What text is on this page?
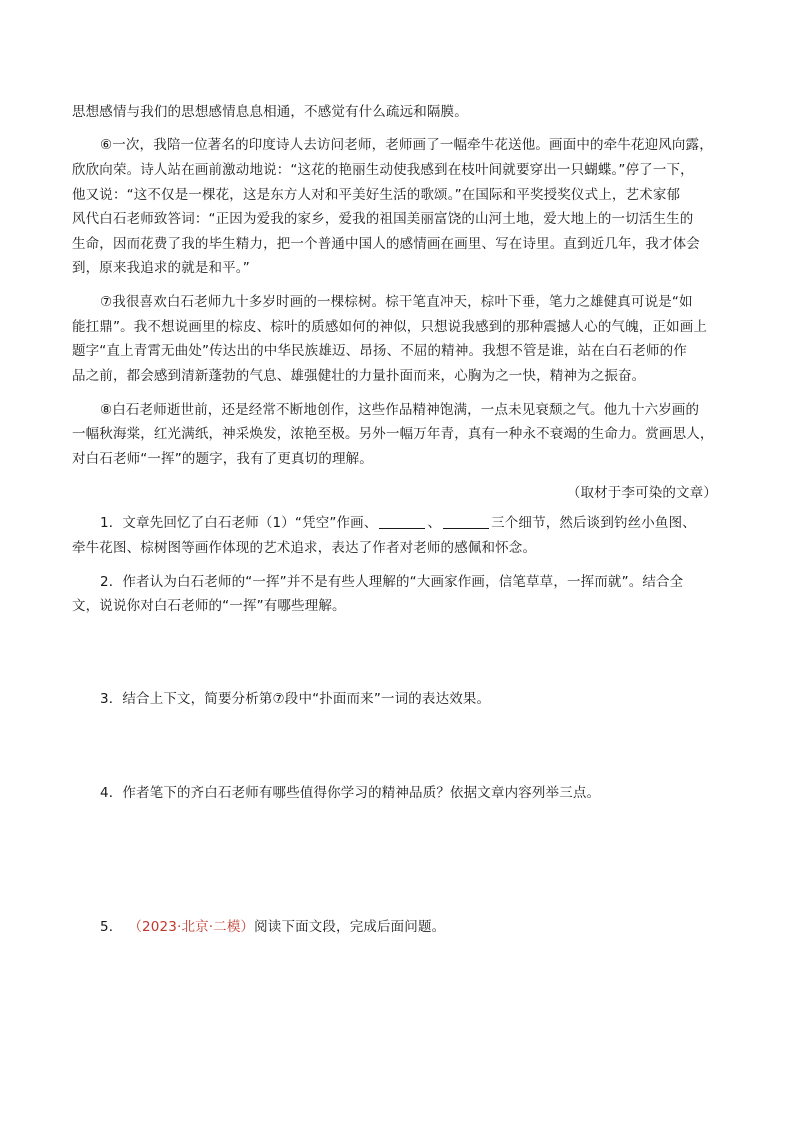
思想感情与我们的思想感情息息相通，不感觉有什么疏远和隔膜。
⑥一次，我陪一位著名的印度诗人去访问老师，老师画了一幅牵牛花送他。画面中的牵牛花迎风向露，
欣欣向荣。诗人站在画前激动地说：“这花的艳丽生动使我感到在枝叶间就要穿出一只蝴蝶。”停了一下，
他又说：“这不仅是一棵花，这是东方人对和平美好生活的歌颂。”在国际和平奖授奖仪式上，艺术家郁
风代白石老师致答词：“正因为爱我的家乡，爱我的祖国美丽富饶的山河土地，爱大地上的一切活生生的
生命，因而花费了我的毕生精力，把一个普通中国人的感情画在画里、写在诗里。直到近几年，我才体会
到，原来我追求的就是和平。”
⑦我很喜欢白石老师九十多岁时画的一棵棕树。棕干笔直冲天，棕叶下垂，笔力之雄健真可说是“如
能扛鼎”。我不想说画里的棕皮、棕叶的质感如何的神似，只想说我感到的那种震撼人心的气魄，正如画上
题字“直上青霄无曲处”传达出的中华民族雄迈、昂扬、不屈的精神。我想不管是谁，站在白石老师的作
品之前，都会感到清新蓬勃的气息、雄强健壮的力量扑面而来，心胸为之一快，精神为之振奋。
⑧白石老师逝世前，还是经常不断地创作，这些作品精神饱满，一点未见衰颓之气。他九十六岁画的
一幅秋海棠，红光满纸，神采焕发，浓艳至极。另外一幅万年青，真有一种永不衰竭的生命力。赏画思人，
对白石老师“一挥”的题字，我有了更真切的理解。
（取材于李可染的文章）
1．文章先回忆了白石老师（1）“凭空”作画、	、	三个细节，然后谈到钓丝小鱼图、
牵牛花图、棕树图等画作体现的艺术追求，表达了作者对老师的感佩和怀念。
2．作者认为白石老师的“一挥”并不是有些人理解的“大画家作画，信笔草草，一挥而就”。结合全
文，说说你对白石老师的“一挥”有哪些理解。
3．结合上下文，简要分析第⑦段中“扑面而来”一词的表达效果。
4．作者笔下的齐白石老师有哪些值得你学习的精神品质？依据文章内容列举三点。
5． （2023·北京·二模）阅读下面文段，完成后面问题。
